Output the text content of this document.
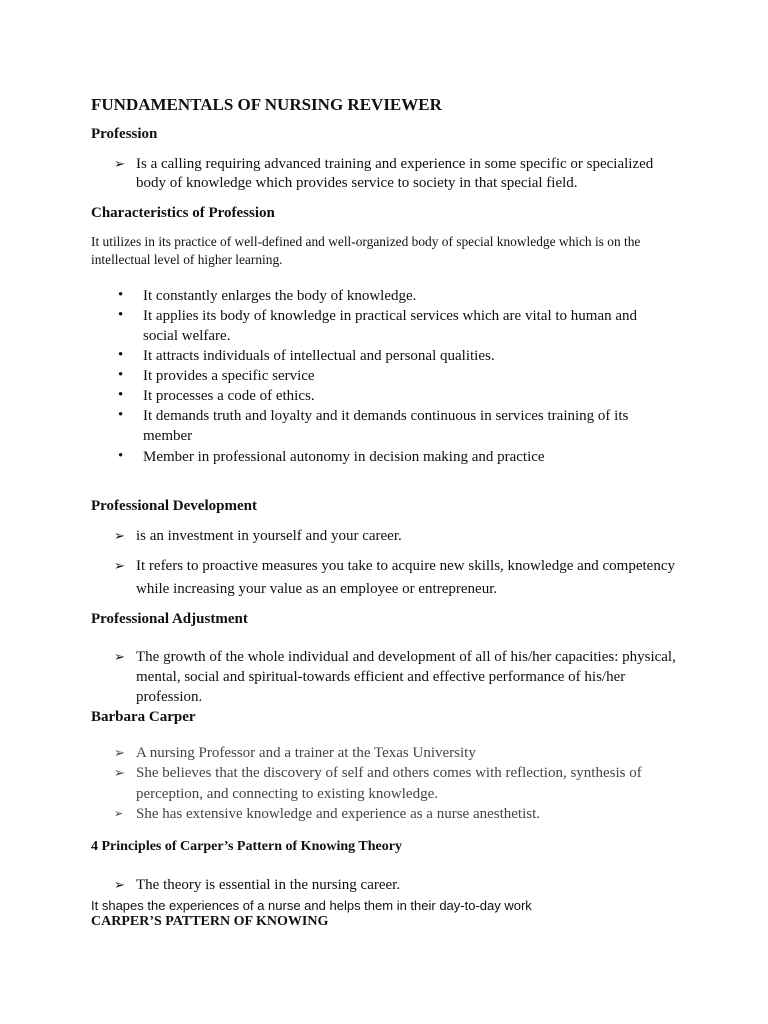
FUNDAMENTALS OF NURSING REVIEWER
Profession
➢ Is a calling requiring advanced training and experience in some specific or specialized
body of knowledge which provides service to society in that special field.
Characteristics of Profession
It utilizes in its practice of well-defined and well-organized body of special knowledge which is on the
intellectual level of higher learning.
• It constantly enlarges the body of knowledge.
• It applies its body of knowledge in practical services which are vital to human and
social welfare.
• It attracts individuals of intellectual and personal qualities.
• It provides a specific service
• It processes a code of ethics.
• It demands truth and loyalty and it demands continuous in services training of its
member
• Member in professional autonomy in decision making and practice
Professional Development
➢ is an investment in yourself and your career.
➢ It refers to proactive measures you take to acquire new skills, knowledge and competency
while increasing your value as an employee or entrepreneur.
Professional Adjustment
➢ The growth of the whole individual and development of all of his/her capacities: physical,
mental, social and spiritual-towards efficient and effective performance of his/her
profession.
Barbara Carper
➢ A nursing Professor and a trainer at the Texas University
➢ She believes that the discovery of self and others comes with reflection, synthesis of
perception, and connecting to existing knowledge.
➢ She has extensive knowledge and experience as a nurse anesthetist.
4 Principles of Carper’s Pattern of Knowing Theory
➢ The theory is essential in the nursing career.
It shapes the experiences of a nurse and helps them in their day-to-day work
CARPER’S PATTERN OF KNOWING
